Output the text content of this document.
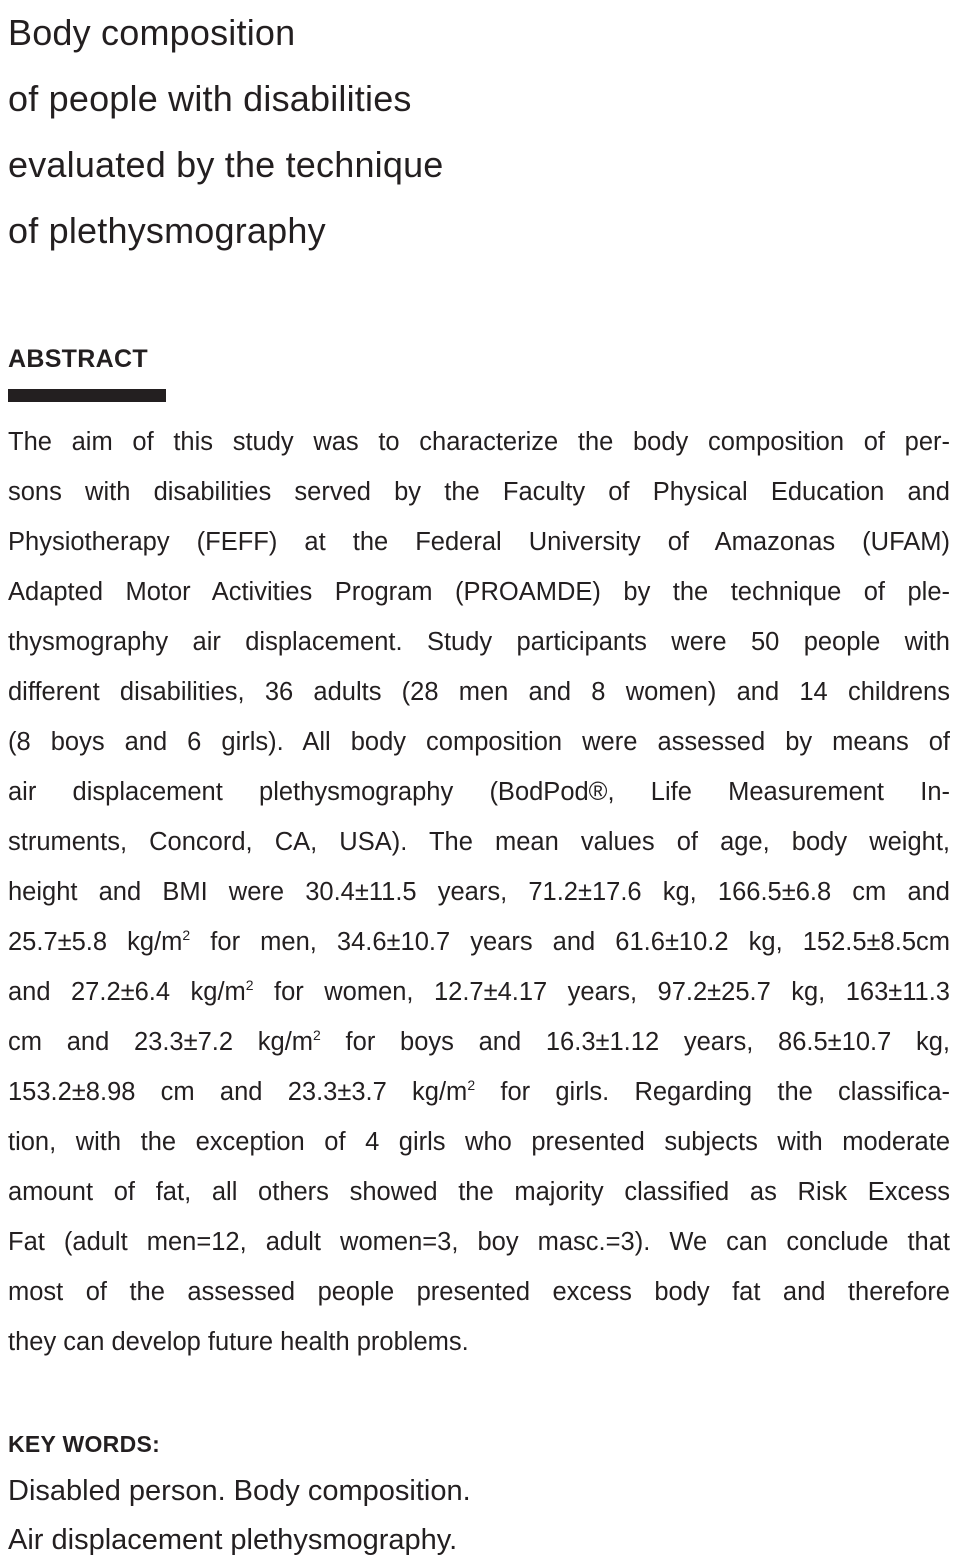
Body composition
of people with disabilities
evaluated by the technique
of plethysmography
ABSTRACT
The aim of this study was to characterize the body composition of per-
sons with disabilities served by the Faculty of Physical Education and
Physiotherapy (FEFF) at the Federal University of Amazonas (UFAM)
Adapted Motor Activities Program (PROAMDE) by the technique of ple-
thysmography air displacement. Study participants were 50 people with
different disabilities, 36 adults (28 men and 8 women) and 14 childrens
(8 boys and 6 girls). All body composition were assessed by means of
air displacement plethysmography (BodPod®, Life Measurement In-
struments, Concord, CA, USA). The mean values of age, body weight,
height and BMI were 30.4±11.5 years, 71.2±17.6 kg, 166.5±6.8 cm and
25.7±5.8 $kg/m^2$ for men, 34.6±10.7 years and 61.6±10.2 kg, 152.5±8.5cm
and 27.2±6.4 $kg/m^2$ for women, 12.7±4.17 years, 97.2±25.7 kg, 163±11.3
cm and 23.3±7.2 $kg/m^2$ for boys and 16.3±1.12 years, 86.5±10.7 kg,
153.2±8.98 cm and 23.3±3.7 $kg/m^2$ for girls. Regarding the classifica-
tion, with the exception of 4 girls who presented subjects with moderate
amount of fat, all others showed the majority classified as Risk Excess
Fat (adult men=12, adult women=3, boy masc.=3). We can conclude that
most of the assessed people presented excess body fat and therefore
they can develop future health problems.
KEY WORDS:
Disabled person. Body composition.
Air displacement plethysmography.
